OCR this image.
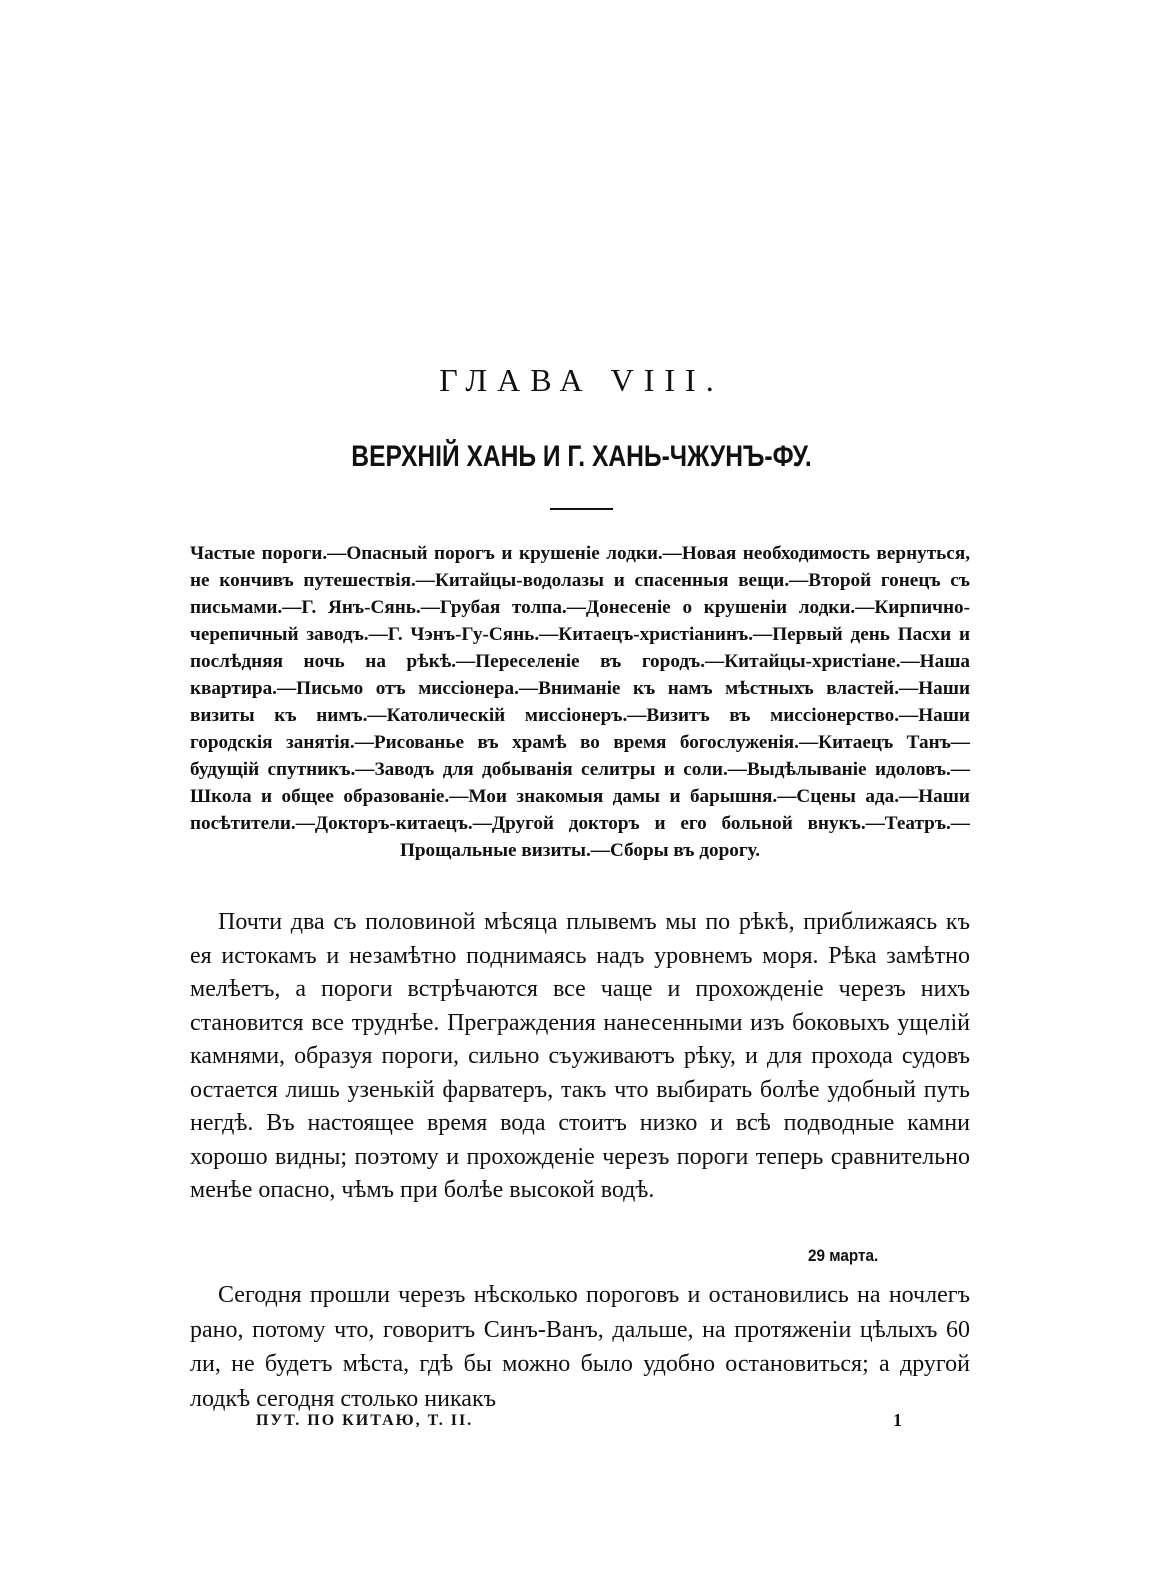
ГЛАВА VIII.
ВЕРХНІЙ ХАНЬ И Г. ХАНЬ-ЧЖУНЪ-ФУ.
Частые пороги.—Опасный порогъ и крушеніе лодки.—Новая необходимость вернуться, не кончивъ путешествія.—Китайцы-водолазы и спасенныя вещи.—Второй гонецъ съ письмами.—Г. Янъ-Сянь.—Грубая толпа.—Донесеніе о крушеніи лодки.—Кирпично-черепичный заводъ.—Г. Чэнъ-Гу-Сянь.—Китаецъ-христіанинъ.—Первый день Пасхи и послѣдняя ночь на рѣкѣ.—Переселеніе въ городъ.—Китайцы-христіане.—Наша квартира.—Письмо отъ миссіонера.—Вниманіе къ намъ мѣстныхъ властей.—Наши визиты къ нимъ.—Католическій миссіонеръ.—Визитъ въ миссіонерство.—Наши городскія занятія.—Рисованье въ храмѣ во время богослуженія.—Китаецъ Танъ—будущій спутникъ.—Заводъ для добыванія селитры и соли.—Выдѣлываніе идоловъ.—Школа и общее образованіе.—Мои знакомыя дамы и барышня.—Сцены ада.—Наши посѣтители.—Докторъ-китаецъ.—Другой докторъ и его больной внукъ.—Театръ.—Прощальные визиты.—Сборы въ дорогу.
Почти два съ половиной мѣсяца плывемъ мы по рѣкѣ, приближаясь къ ея истокамъ и незамѣтно поднимаясь надъ уровнемъ моря. Рѣка замѣтно мелѣетъ, а пороги встрѣчаются все чаще и прохожденіе черезъ нихъ становится все труднѣе. Преграждения нанесенными изъ боковыхъ ущелій камнями, образуя пороги, сильно съуживаютъ рѣку, и для прохода судовъ остается лишь узенькій фарватеръ, такъ что выбирать болѣе удобный путь негдѣ. Въ настоящее время вода стоитъ низко и всѣ подводные камни хорошо видны; поэтому и прохожденіе черезъ пороги теперь сравнительно менѣе опасно, чѣмъ при болѣе высокой водѣ.
29 марта.
Сегодня прошли черезъ нѣсколько пороговъ и остановились на ночлегъ рано, потому что, говоритъ Синъ-Ванъ, дальше, на протяженіи цѣлыхъ 60 ли, не будетъ мѣста, гдѣ бы можно было удобно остановиться; а другой лодкѣ сегодня столько никакъ
ПУТ. ПО КИТАЮ, Т. II.	1
